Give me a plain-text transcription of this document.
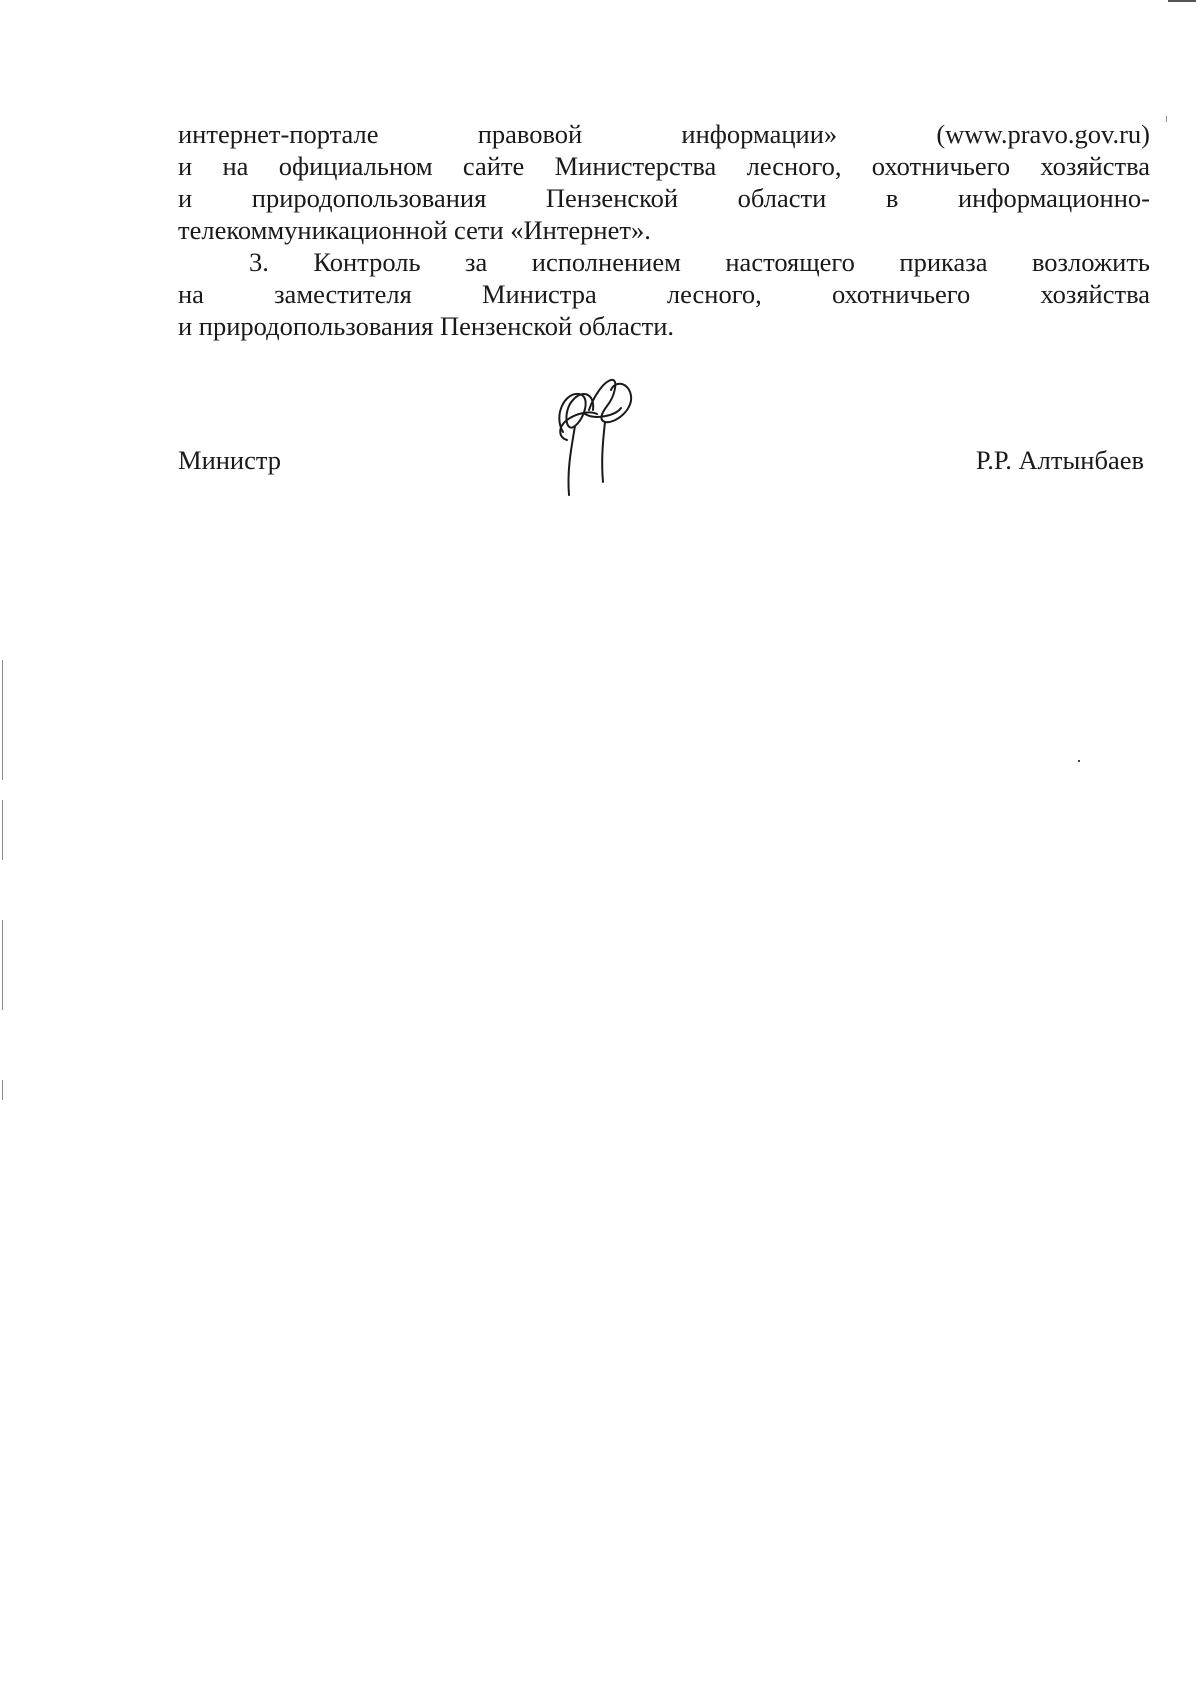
интернет-портале правовой информации» (www.pravo.gov.ru)
и на официальном сайте Министерства лесного, охотничьего хозяйства
и природопользования Пензенской области в информационно-
телекоммуникационной сети «Интернет».
3. Контроль за исполнением настоящего приказа возложить
на заместителя Министра лесного, охотничьего хозяйства
и природопользования Пензенской области.
Министр	Р.Р. Алтынбаев
